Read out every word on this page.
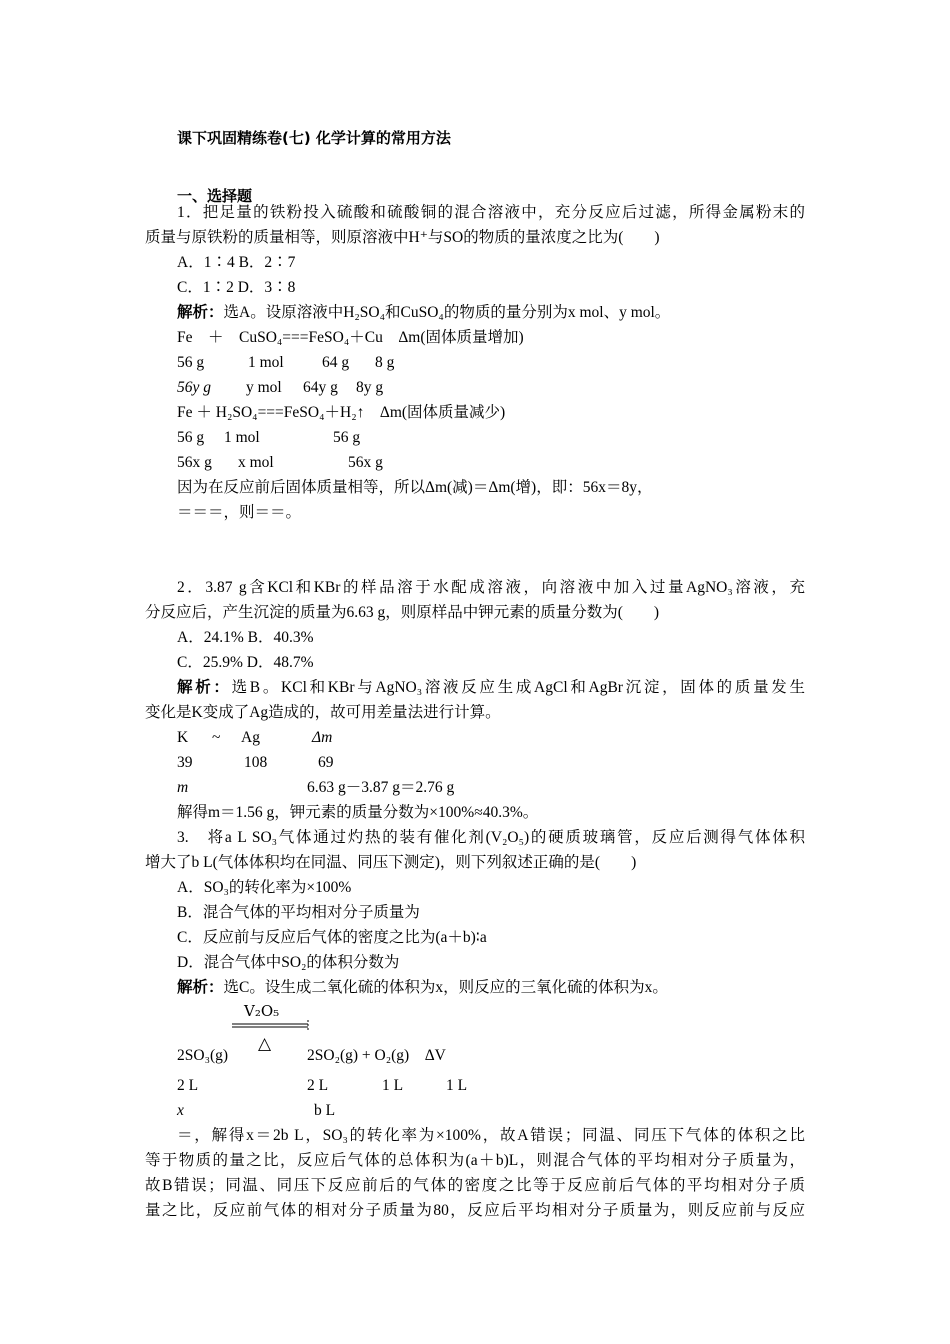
课下巩固精练卷(七) 化学计算的常用方法
一、选择题
1．把足量的铁粉投入硫酸和硫酸铜的混合溶液中，充分反应后过滤，所得金属粉末的
质量与原铁粉的质量相等，则原溶液中H⁺与SO的物质的量浓度之比为(　　)
A．1∶4 B．2∶7
C．1∶2 D．3∶8
解析：选A。设原溶液中H₂SO₄和CuSO₄的物质的量分别为x mol、y mol。
Fe　＋　CuSO₄===FeSO₄＋Cu　Δm(固体质量增加)
56 g	1 mol 64 g 8 g
56y g y mol 64y g 8y g
Fe ＋ H₂SO₄===FeSO₄＋H₂↑　Δm(固体质量减少)
56 g 1 mol	56 g
56x g x mol	56x g
因为在反应前后固体质量相等，所以Δm(减)＝Δm(增)，即：56x＝8y，
＝＝＝，则＝＝。
2．3.87 g含KCl和KBr的样品溶于水配成溶液，向溶液中加入过量AgNO₃溶液，充
分反应后，产生沉淀的质量为6.63 g，则原样品中钾元素的质量分数为(　　)
A．24.1% B．40.3%
C．25.9% D．48.7%
解析：选B。KCl和KBr与AgNO₃溶液反应生成AgCl和AgBr沉淀，固体的质量发生
变化是K变成了Ag造成的，故可用差量法进行计算。
K ~ Ag	Δm
39	108	69
m	6.63 g－3.87 g＝2.76 g
解得m＝1.56 g，钾元素的质量分数为×100%≈40.3%。
3.　将a L SO₃气体通过灼热的装有催化剂(V₂O₅)的硬质玻璃管，反应后测得气体体积
增大了b L(气体体积均在同温、同压下测定)，则下列叙述正确的是(　　)
A．SO₃的转化率为×100%
B．混合气体的平均相对分子质量为
C．反应前与反应后气体的密度之比为(a＋b)∶a
D．混合气体中SO₂的体积分数为
解析：选C。设生成二氧化硫的体积为x，则反应的三氧化硫的体积为x。
V₂O₅
△
2SO₃(g)	2SO₂(g) + O₂(g)　ΔV
2 L	2 L	1 L	1 L
x	b L
＝，解得x＝2b L，SO₃的转化率为×100%，故A错误；同温、同压下气体的体积之比
等于物质的量之比，反应后气体的总体积为(a＋b)L，则混合气体的平均相对分子质量为，
故B错误；同温、同压下反应前后的气体的密度之比等于反应前后气体的平均相对分子质
量之比，反应前气体的相对分子质量为80，反应后平均相对分子质量为，则反应前与反应
